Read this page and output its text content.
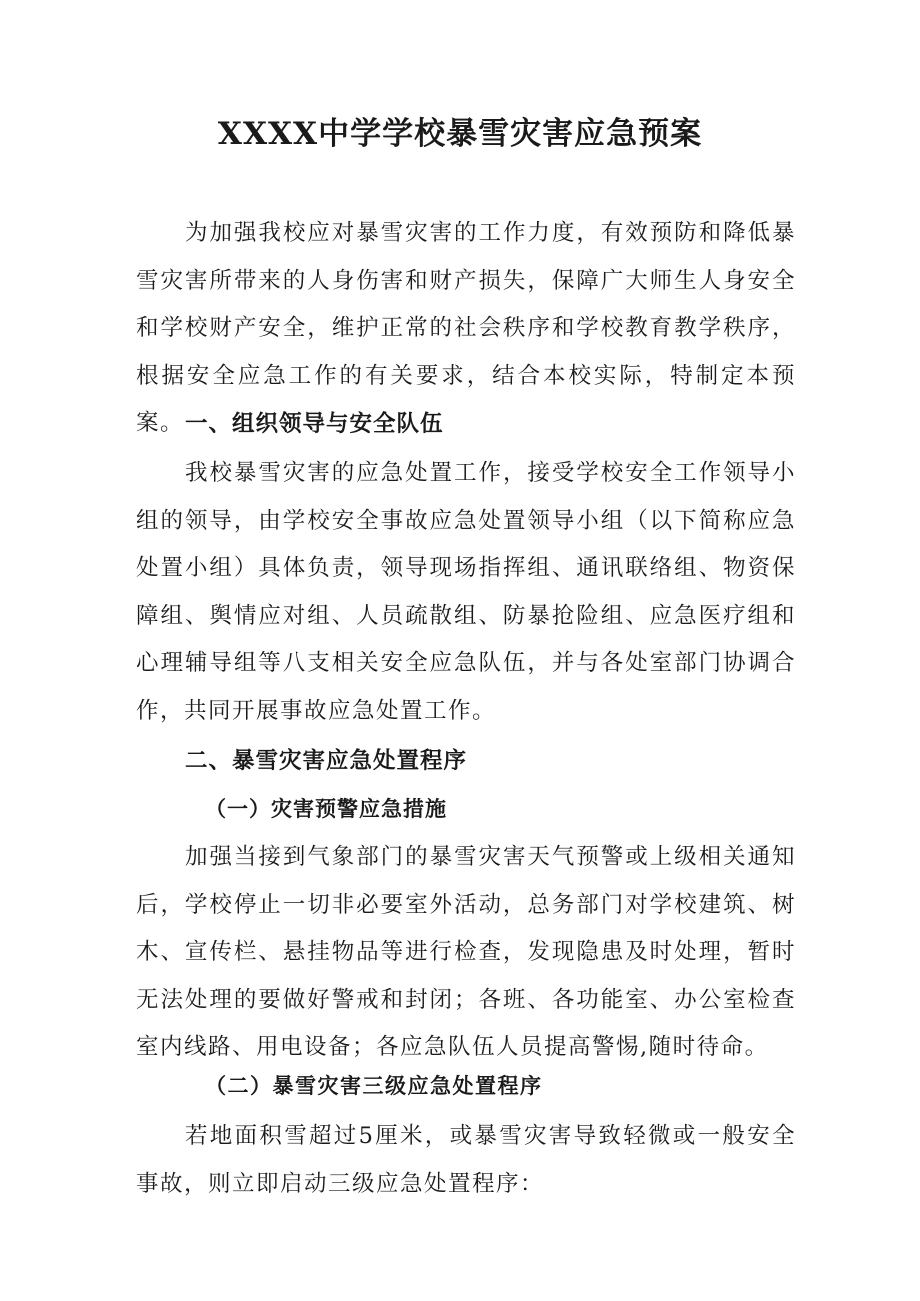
XXXX中学学校暴雪灾害应急预案

为加强我校应对暴雪灾害的工作力度，有效预防和降低暴雪灾害所带来的人身伤害和财产损失，保障广大师生人身安全和学校财产安全，维护正常的社会秩序和学校教育教学秩序，根据安全应急工作的有关要求，结合本校实际，特制定本预案。 一、组织领导与安全队伍

我校暴雪灾害的应急处置工作，接受学校安全工作领导小组的领导，由学校安全事故应急处置领导小组（以下简称应急处置小组）具体负责，领导现场指挥组、通讯联络组、物资保障组、舆情应对组、人员疏散组、防暴抢险组、应急医疗组和心理辅导组等八支相关安全应急队伍，并与各处室部门协调合作，共同开展事故应急处置工作。

二、暴雪灾害应急处置程序
（一）灾害预警应急措施

加强当接到气象部门的暴雪灾害天气预警或上级相关通知后，学校停止一切非必要室外活动，总务部门对学校建筑、树木、宣传栏、悬挂物品等进行检查，发现隐患及时处理，暂时无法处理的要做好警戒和封闭；各班、各功能室、办公室检查室内线路、用电设备；各应急队伍人员提高警惕,随时待命。

（二）暴雪灾害三级应急处置程序

若地面积雪超过5厘米，或暴雪灾害导致轻微或一般安全事故，则立即启动三级应急处置程序：
